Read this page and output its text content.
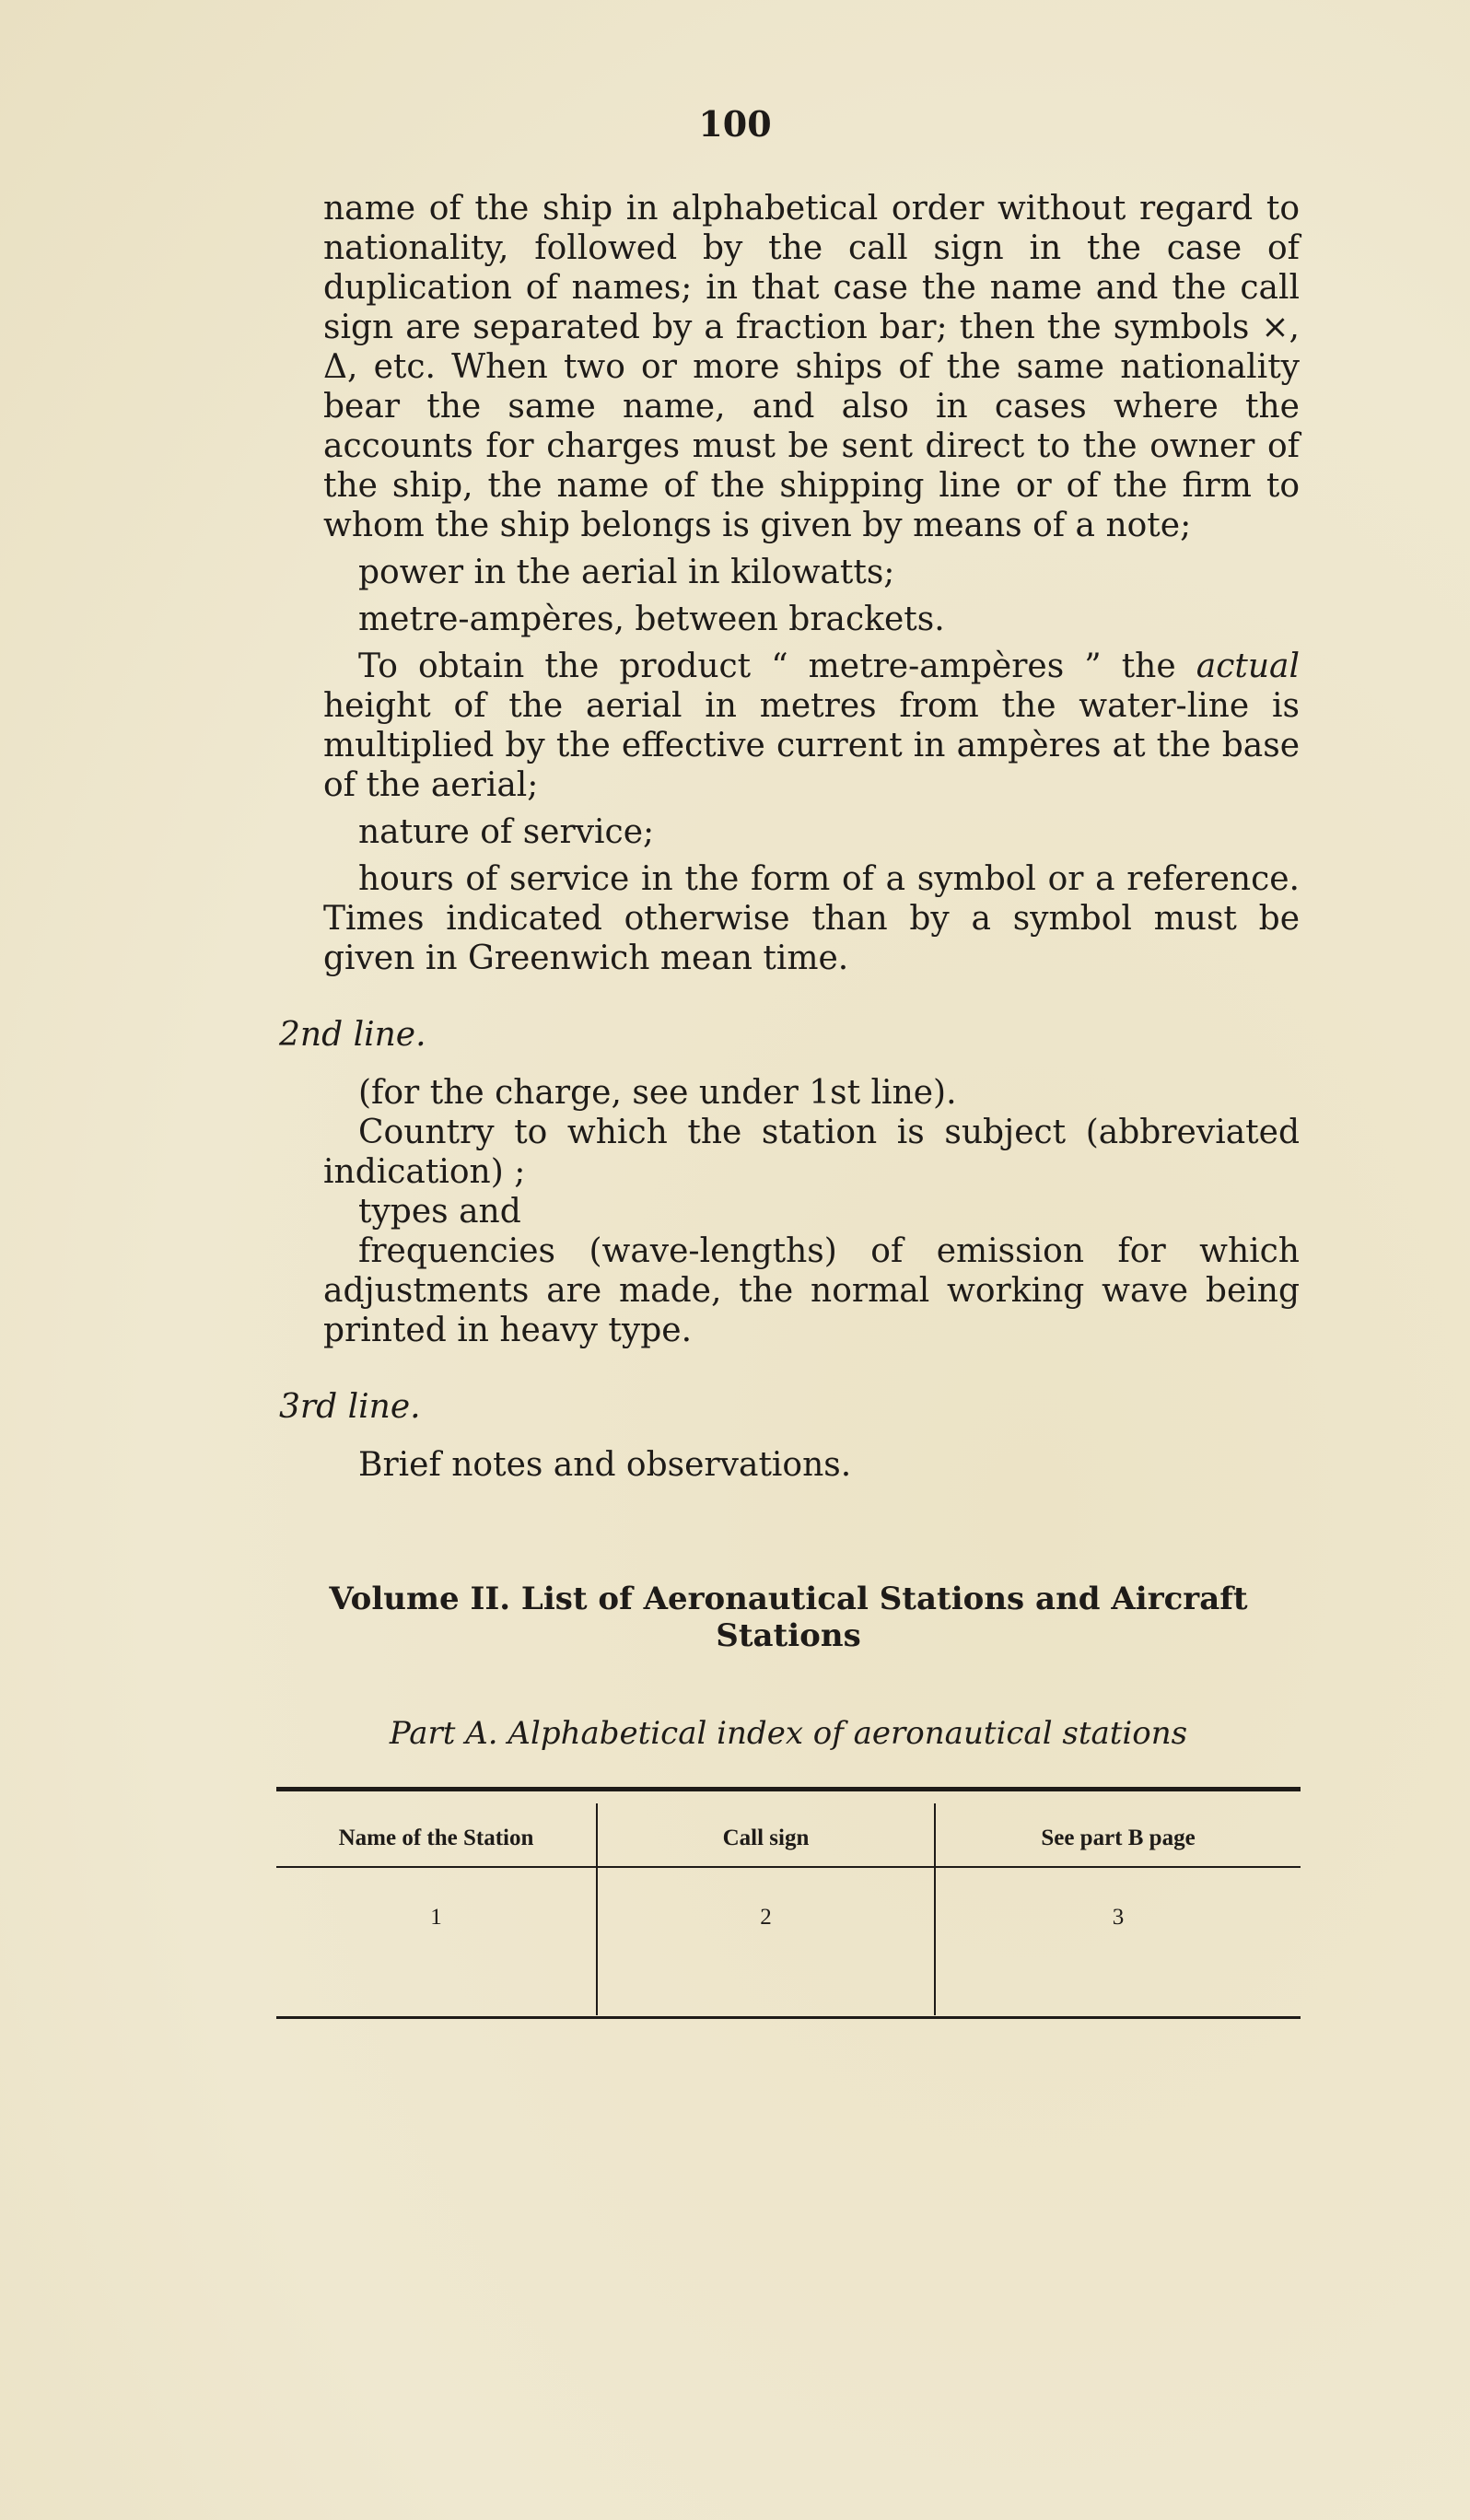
100

name of the ship in alphabetical order without regard to nationality, followed by the call sign in the case of duplication of names; in that case the name and the call sign are separated by a fraction bar; then the symbols ×, Δ, etc. When two or more ships of the same nationality bear the same name, and also in cases where the accounts for charges must be sent direct to the owner of the ship, the name of the shipping line or of the firm to whom the ship belongs is given by means of a note;

power in the aerial in kilowatts;

metre-ampères, between brackets.

To obtain the product “ metre-ampères ” the actual height of the aerial in metres from the water-line is multiplied by the effective current in ampères at the base of the aerial;

nature of service;

hours of service in the form of a symbol or a reference. Times indicated otherwise than by a symbol must be given in Greenwich mean time.

2nd line.

(for the charge, see under 1st line).

Country to which the station is subject (abbreviated indication) ;

types and

frequencies (wave-lengths) of emission for which adjustments are made, the normal working wave being printed in heavy type.

3rd line.

Brief notes and observations.

Volume II. List of Aeronautical Stations and Aircraft
Stations

Part A. Alphabetical index of aeronautical stations

Name of the Station	Call sign	See part B page
1	2	3
